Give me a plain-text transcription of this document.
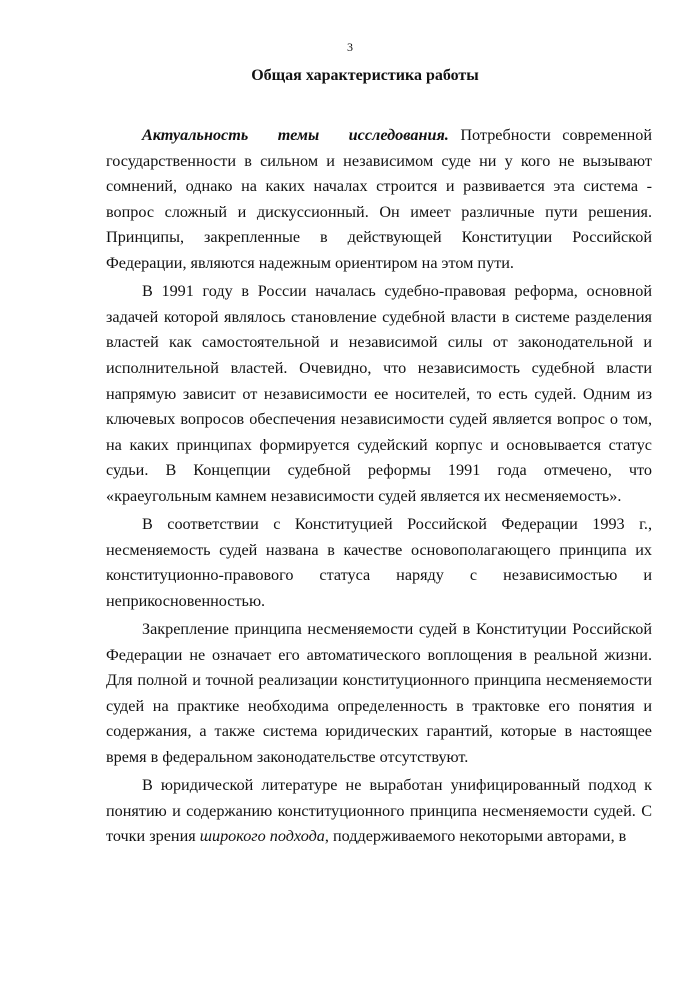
3
Общая характеристика работы

Актуальность темы исследования. Потребности современной государственности в сильном и независимом суде ни у кого не вызывают сомнений, однако на каких началах строится и развивается эта система - вопрос сложный и дискуссионный. Он имеет различные пути решения. Принципы, закрепленные в действующей Конституции Российской Федерации, являются надежным ориентиром на этом пути.

В 1991 году в России началась судебно-правовая реформа, основной задачей которой являлось становление судебной власти в системе разделения властей как самостоятельной и независимой силы от законодательной и исполнительной властей. Очевидно, что независимость судебной власти напрямую зависит от независимости ее носителей, то есть судей. Одним из ключевых вопросов обеспечения независимости судей является вопрос о том, на каких принципах формируется судейский корпус и основывается статус судьи. В Концепции судебной реформы 1991 года отмечено, что «краеугольным камнем независимости судей является их несменяемость».

В соответствии с Конституцией Российской Федерации 1993 г., несменяемость судей названа в качестве основополагающего принципа их конституционно-правового статуса наряду с независимостью и неприкосновенностью.

Закрепление принципа несменяемости судей в Конституции Российской Федерации не означает его автоматического воплощения в реальной жизни. Для полной и точной реализации конституционного принципа несменяемости судей на практике необходима определенность в трактовке его понятия и содержания, а также система юридических гарантий, которые в настоящее время в федеральном законодательстве отсутствуют.

В юридической литературе не выработан унифицированный подход к понятию и содержанию конституционного принципа несменяемости судей. С точки зрения широкого подхода, поддерживаемого некоторыми авторами, в
